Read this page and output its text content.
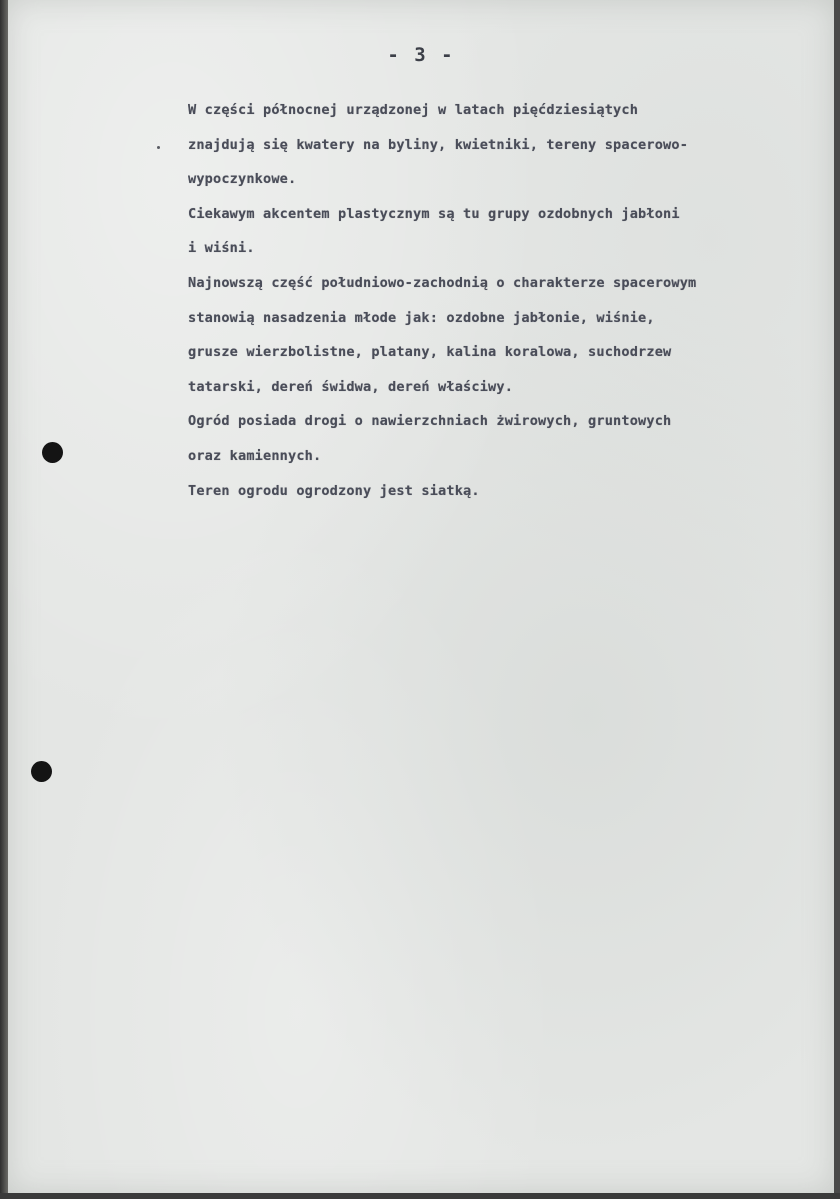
- 3 -
W części północnej urządzonej w latach pięćdziesiątych
znajdują się kwatery na byliny, kwietniki, tereny spacerowo-
wypoczynkowe.
Ciekawym akcentem plastycznym są tu grupy ozdobnych jabłoni
i wiśni.
Najnowszą część południowo-zachodnią o charakterze spacerowym
stanowią nasadzenia młode jak: ozdobne jabłonie, wiśnie,
grusze wierzbolistne, platany, kalina koralowa, suchodrzew
tatarski, dereń świdwa, dereń właściwy.
Ogród posiada drogi o nawierzchniach żwirowych, gruntowych
oraz kamiennych.
Teren ogrodu ogrodzony jest siatką.
